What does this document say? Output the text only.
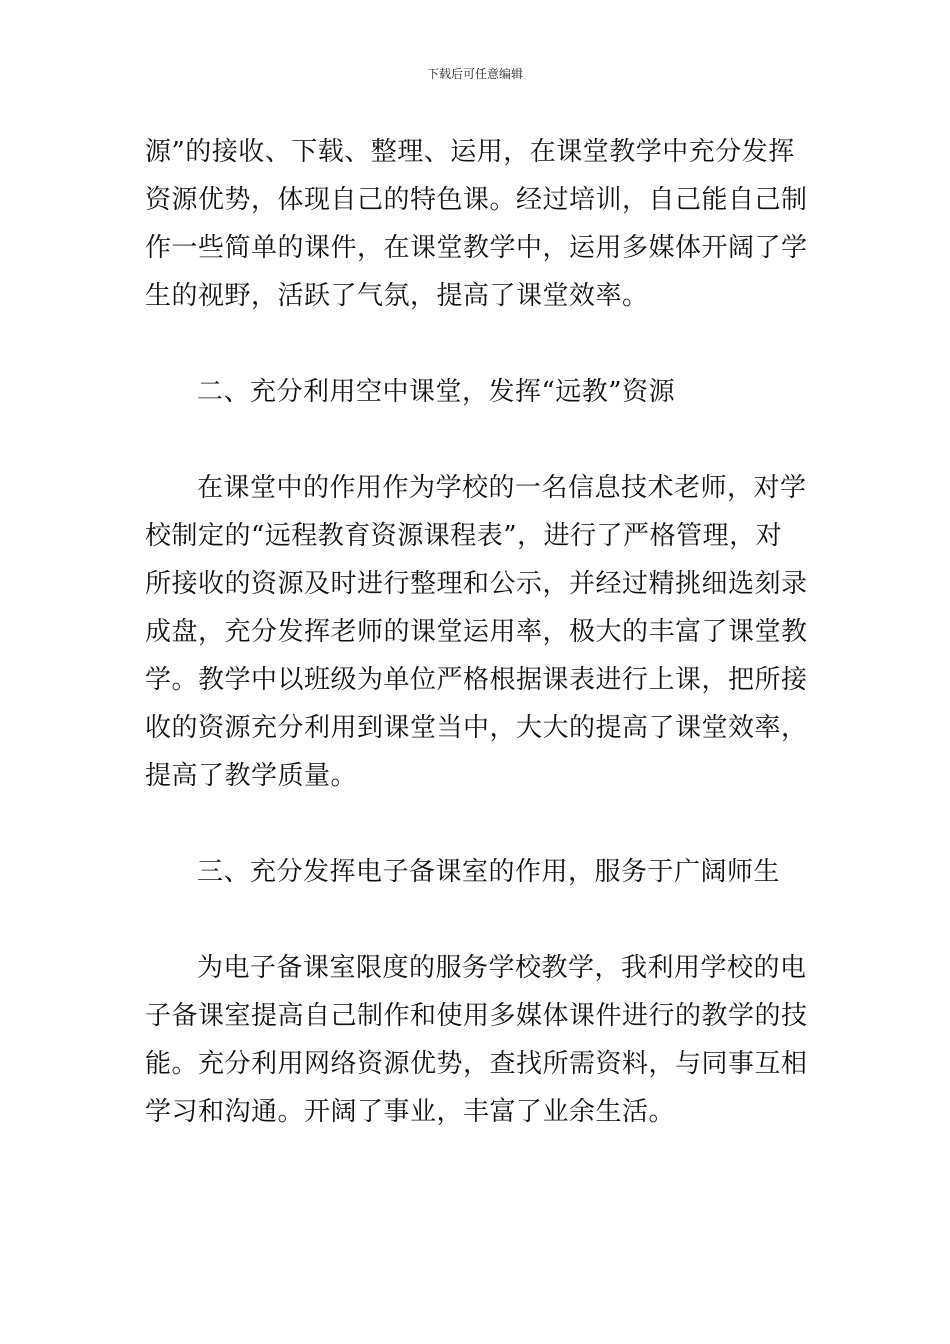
下载后可任意编辑
源”的接收、下载、整理、运用，在课堂教学中充分发挥
资源优势，体现自己的特色课。经过培训，自己能自己制
作一些简单的课件，在课堂教学中，运用多媒体开阔了学
生的视野，活跃了气氛，提高了课堂效率。
二、充分利用空中课堂，发挥“远教”资源
在课堂中的作用作为学校的一名信息技术老师，对学
校制定的“远程教育资源课程表”，进行了严格管理，对
所接收的资源及时进行整理和公示，并经过精挑细选刻录
成盘，充分发挥老师的课堂运用率，极大的丰富了课堂教
学。教学中以班级为单位严格根据课表进行上课，把所接
收的资源充分利用到课堂当中，大大的提高了课堂效率，
提高了教学质量。
三、充分发挥电子备课室的作用，服务于广阔师生
为电子备课室限度的服务学校教学，我利用学校的电
子备课室提高自己制作和使用多媒体课件进行的教学的技
能。充分利用网络资源优势，查找所需资料，与同事互相
学习和沟通。开阔了事业，丰富了业余生活。
